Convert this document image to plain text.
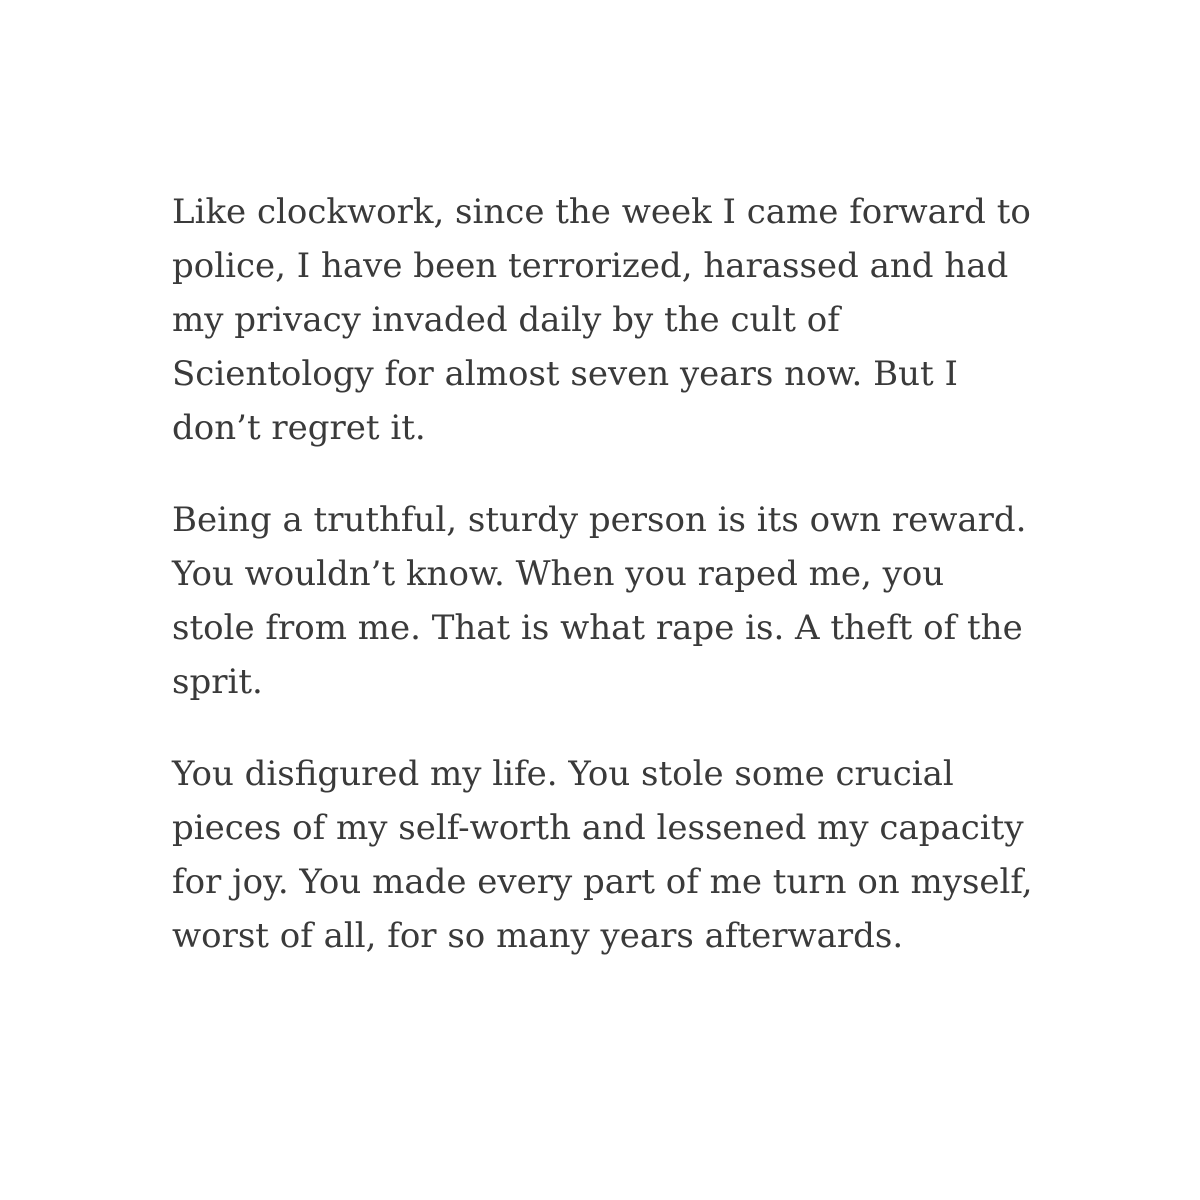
Like clockwork, since the week I came forward to
police, I have been terrorized, harassed and had
my privacy invaded daily by the cult of
Scientology for almost seven years now. But I
don’t regret it.

Being a truthful, sturdy person is its own reward.
You wouldn’t know. When you raped me, you
stole from me. That is what rape is. A theft of the
sprit.

You disfigured my life. You stole some crucial
pieces of my self-worth and lessened my capacity
for joy. You made every part of me turn on myself,
worst of all, for so many years afterwards.
